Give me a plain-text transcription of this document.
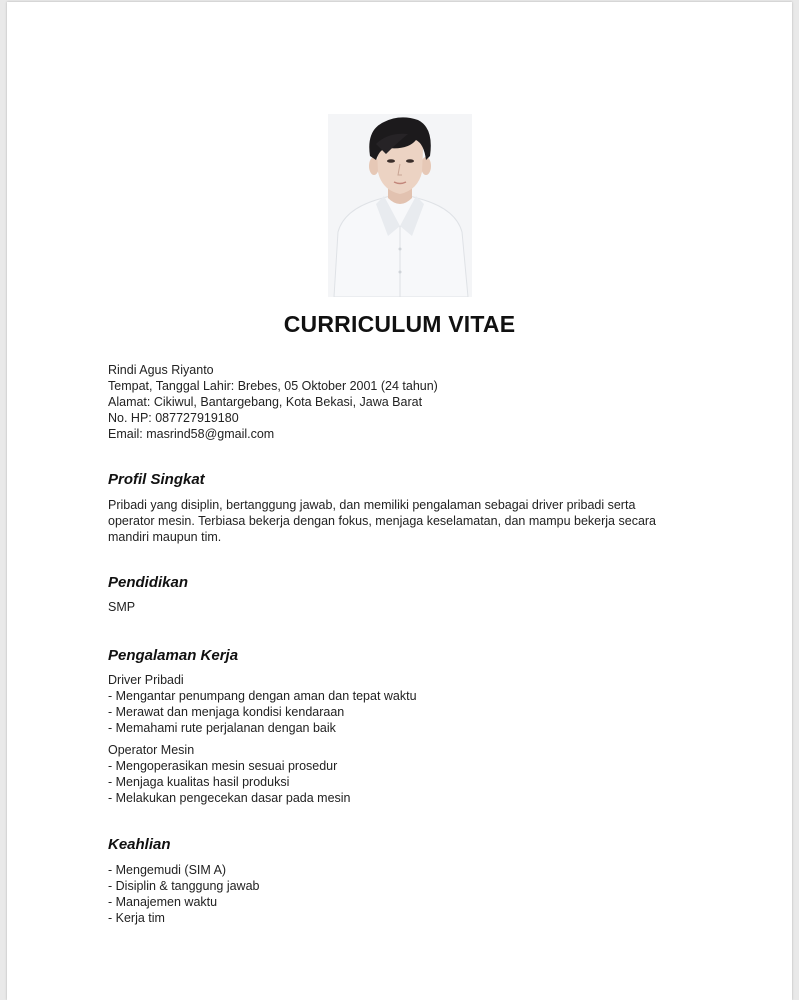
CURRICULUM VITAE
Rindi Agus Riyanto
Tempat, Tanggal Lahir: Brebes, 05 Oktober 2001 (24 tahun)
Alamat: Cikiwul, Bantargebang, Kota Bekasi, Jawa Barat
No. HP: 087727919180
Email: masrind58@gmail.com
Profil Singkat
Pribadi yang disiplin, bertanggung jawab, dan memiliki pengalaman sebagai driver pribadi serta
operator mesin. Terbiasa bekerja dengan fokus, menjaga keselamatan, dan mampu bekerja secara
mandiri maupun tim.
Pendidikan
SMP
Pengalaman Kerja
Driver Pribadi
- Mengantar penumpang dengan aman dan tepat waktu
- Merawat dan menjaga kondisi kendaraan
- Memahami rute perjalanan dengan baik
Operator Mesin
- Mengoperasikan mesin sesuai prosedur
- Menjaga kualitas hasil produksi
- Melakukan pengecekan dasar pada mesin
Keahlian
- Mengemudi (SIM A)
- Disiplin & tanggung jawab
- Manajemen waktu
- Kerja tim
